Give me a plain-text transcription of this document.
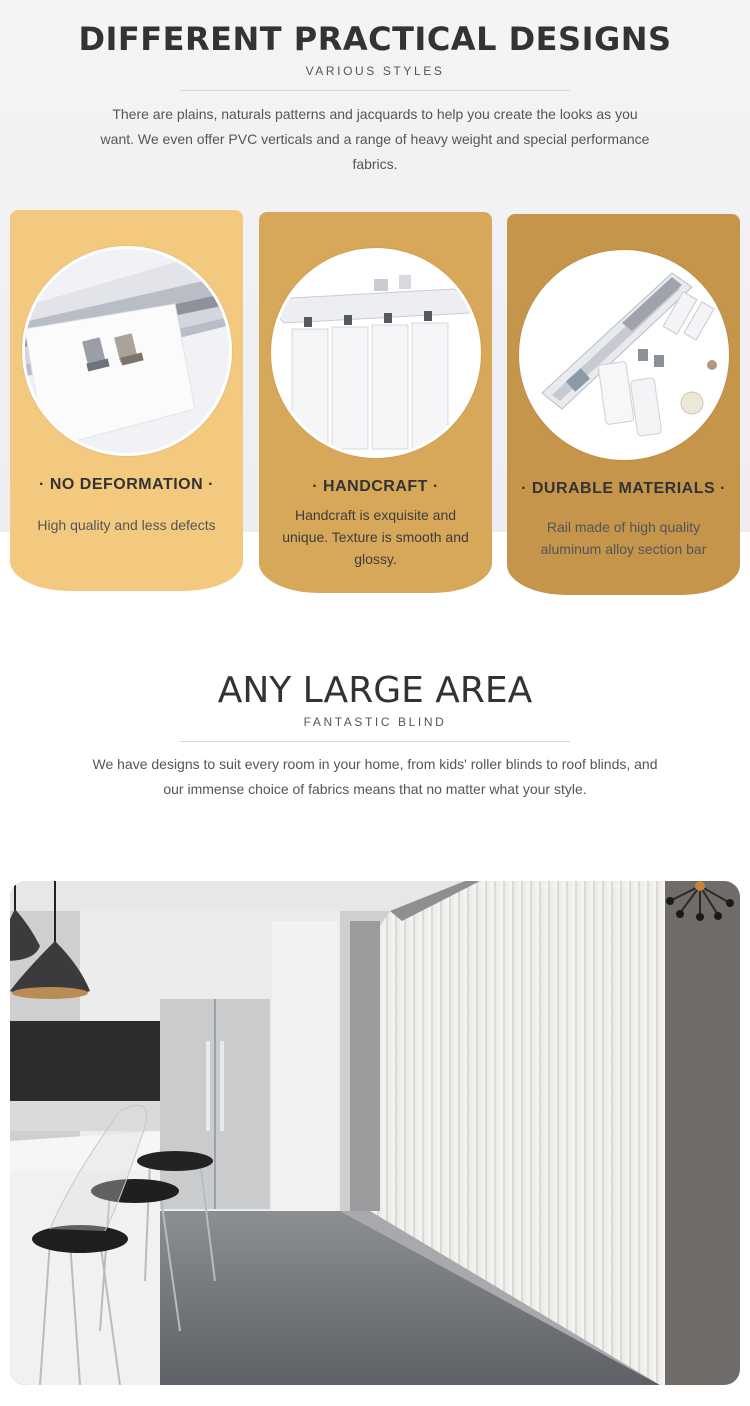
DIFFERENT PRACTICAL DESIGNS
VARIOUS STYLES

There are plains, naturals patterns and jacquards to help you create the looks as you want. We even offer PVC verticals and a range of heavy weight and special performance fabrics.

· NO DEFORMATION ·
High quality and less defects
· HANDCRAFT ·
Handcraft is exquisite and unique. Texture is smooth and glossy.
· DURABLE MATERIALS ·
Rail made of high quality aluminum alloy section bar
ANY LARGE AREA
FANTASTIC BLIND

We have designs to suit every room in your home, from kids' roller blinds to roof blinds, and our immense choice of fabrics means that no matter what your style.
